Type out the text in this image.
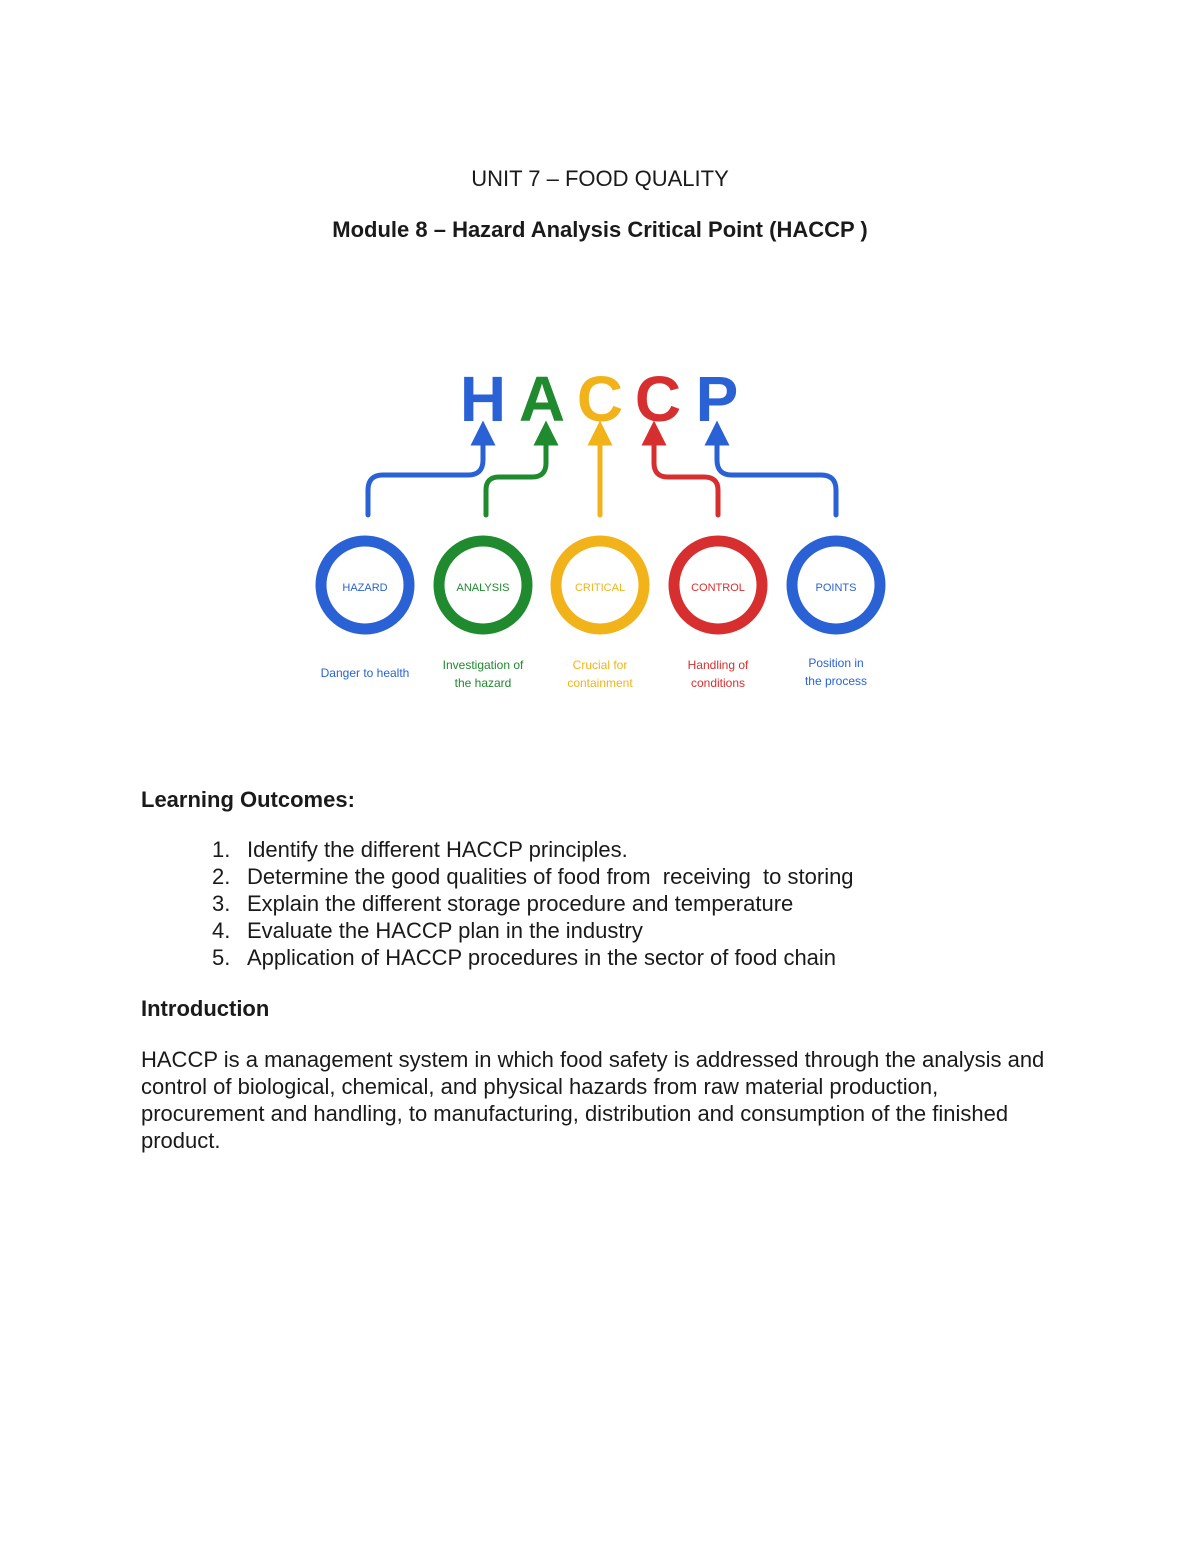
UNIT 7 – FOOD QUALITY
Module 8 – Hazard Analysis Critical Point (HACCP )
H A C C P
HAZARD	ANALYSIS	CRITICAL	CONTROL	POINTS
Danger to health
Investigation of
the hazard
Crucial for
containment
Handling of
conditions
Position in
the process
Learning Outcomes:
1. Identify the different HACCP principles.
2. Determine the good qualities of food from  receiving  to storing
3. Explain the different storage procedure and temperature
4. Evaluate the HACCP plan in the industry
5. Application of HACCP procedures in the sector of food chain
Introduction

HACCP is a management system in which food safety is addressed through the analysis and control of biological, chemical, and physical hazards from raw material production, procurement and handling, to manufacturing, distribution and consumption of the finished product.
